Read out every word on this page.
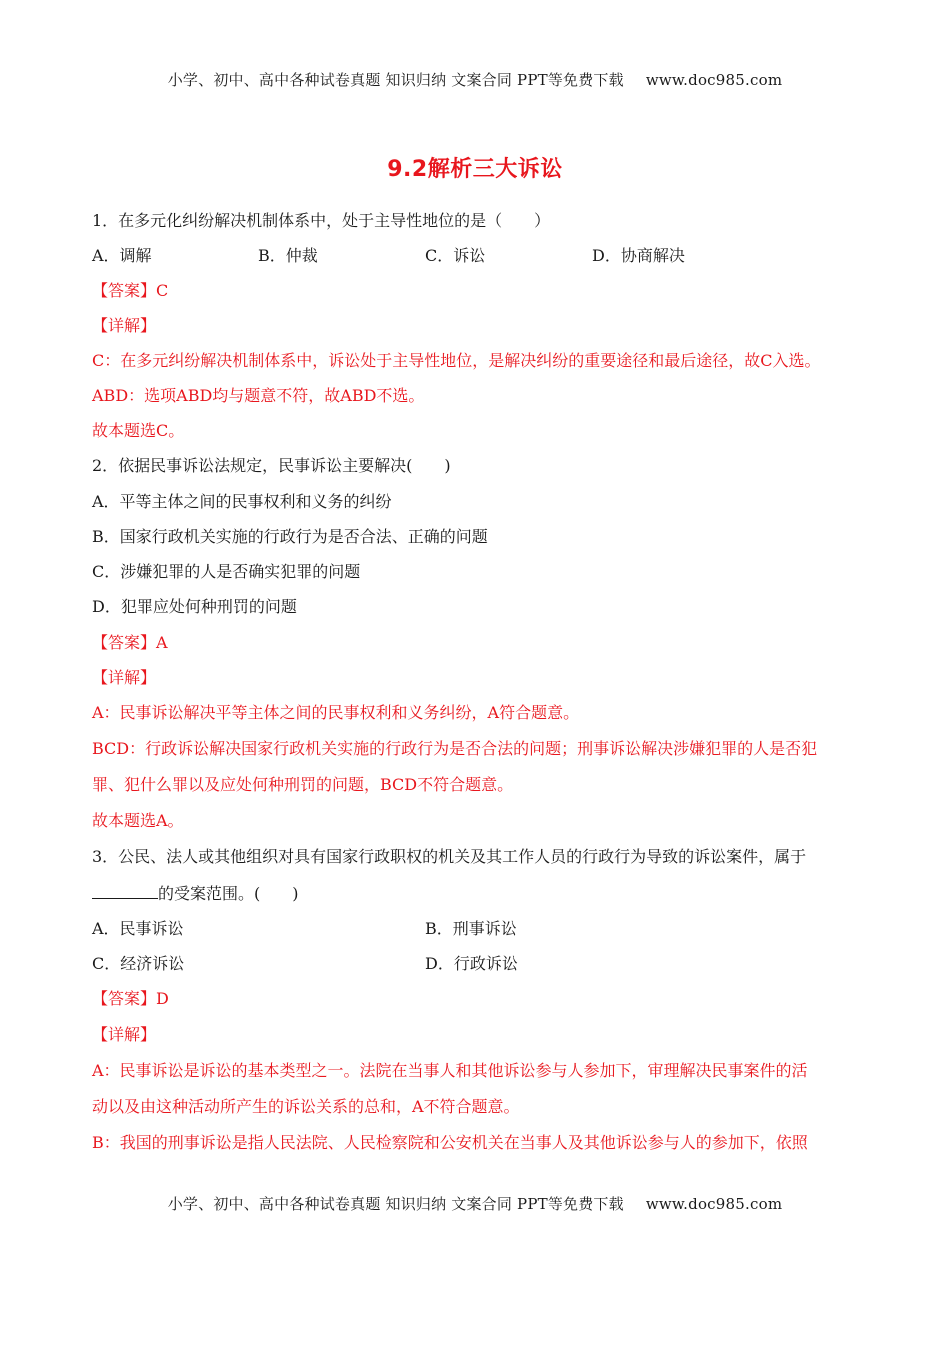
小学、初中、高中各种试卷真题 知识归纳 文案合同 PPT等免费下载 www.doc985.com
9.2解析三大诉讼
1．在多元化纠纷解决机制体系中，处于主导性地位的是（　　）
A．调解	B．仲裁	C．诉讼	D．协商解决
【答案】C
【详解】
C：在多元纠纷解决机制体系中，诉讼处于主导性地位，是解决纠纷的重要途径和最后途径，故C入选。
ABD：选项ABD均与题意不符，故ABD不选。
故本题选C。
2．依据民事诉讼法规定，民事诉讼主要解决(　　)
A．平等主体之间的民事权利和义务的纠纷
B．国家行政机关实施的行政行为是否合法、正确的问题
C．涉嫌犯罪的人是否确实犯罪的问题
D．犯罪应处何种刑罚的问题
【答案】A
【详解】
A：民事诉讼解决平等主体之间的民事权利和义务纠纷，A符合题意。
BCD：行政诉讼解决国家行政机关实施的行政行为是否合法的问题；刑事诉讼解决涉嫌犯罪的人是否犯
罪、犯什么罪以及应处何种刑罚的问题，BCD不符合题意。
故本题选A。
3．公民、法人或其他组织对具有国家行政职权的机关及其工作人员的行政行为导致的诉讼案件，属于
的受案范围。(　　)
A．民事诉讼	B．刑事诉讼
C．经济诉讼	D．行政诉讼
【答案】D
【详解】
A：民事诉讼是诉讼的基本类型之一。法院在当事人和其他诉讼参与人参加下，审理解决民事案件的活
动以及由这种活动所产生的诉讼关系的总和，A不符合题意。
B：我国的刑事诉讼是指人民法院、人民检察院和公安机关在当事人及其他诉讼参与人的参加下，依照
小学、初中、高中各种试卷真题 知识归纳 文案合同 PPT等免费下载 www.doc985.com
